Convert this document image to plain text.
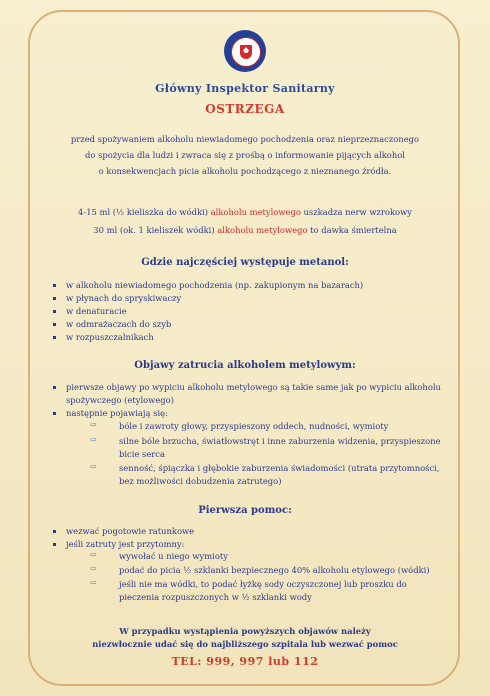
Główny Inspektor Sanitarny
OSTRZEGA
przed spożywaniem alkoholu niewiadomego pochodzenia oraz nieprzeznaczonego
do spożycia dla ludzi i zwraca się z prośbą o informowanie pijących alkohol
o konsekwencjach picia alkoholu pochodzącego z nieznanego źródła.
4-15 ml (½ kieliszka do wódki) alkoholu metylowego uszkadza nerw wzrokowy
30 ml (ok. 1 kieliszek wódki) alkoholu metylowego to dawka śmiertelna
Gdzie najczęściej występuje metanol:
w alkoholu niewiadomego pochodzenia (np. zakupionym na bazarach)
w płynach do spryskiwaczy
w denaturacie
w odmrażaczach do szyb
w rozpuszczalnikach
Objawy zatrucia alkoholem metylowym:
pierwsze objawy po wypiciu alkoholu metylowego są takie same jak po wypiciu alkoholu
spożywczego (etylowego)
następnie pojawiają się:
⇨	bóle i zawroty głowy, przyspieszony oddech, nudności, wymioty
⇨	silne bóle brzucha, światłowstręt i inne zaburzenia widzenia, przyspieszone
bicie serca
⇨	senność, śpiączka i głębokie zaburzenia świadomości (utrata przytomności,
bez możliwości dobudzenia zatrutego)
Pierwsza pomoc:
wezwać pogotowie ratunkowe
jeśli zatruty jest przytomny:
⇨	wywołać u niego wymioty
⇨	podać do picia ½ szklanki bezpiecznego 40% alkoholu etylowego (wódki)
⇨	jeśli nie ma wódki, to podać łyżkę sody oczyszczonej lub proszku do
pieczenia rozpuszczonych w ½ szklanki wody
W przypadku wystąpienia powyższych objawów należy
niezwłocznie udać się do najbliższego szpitala lub wezwać pomoc
TEL: 999, 997 lub 112
